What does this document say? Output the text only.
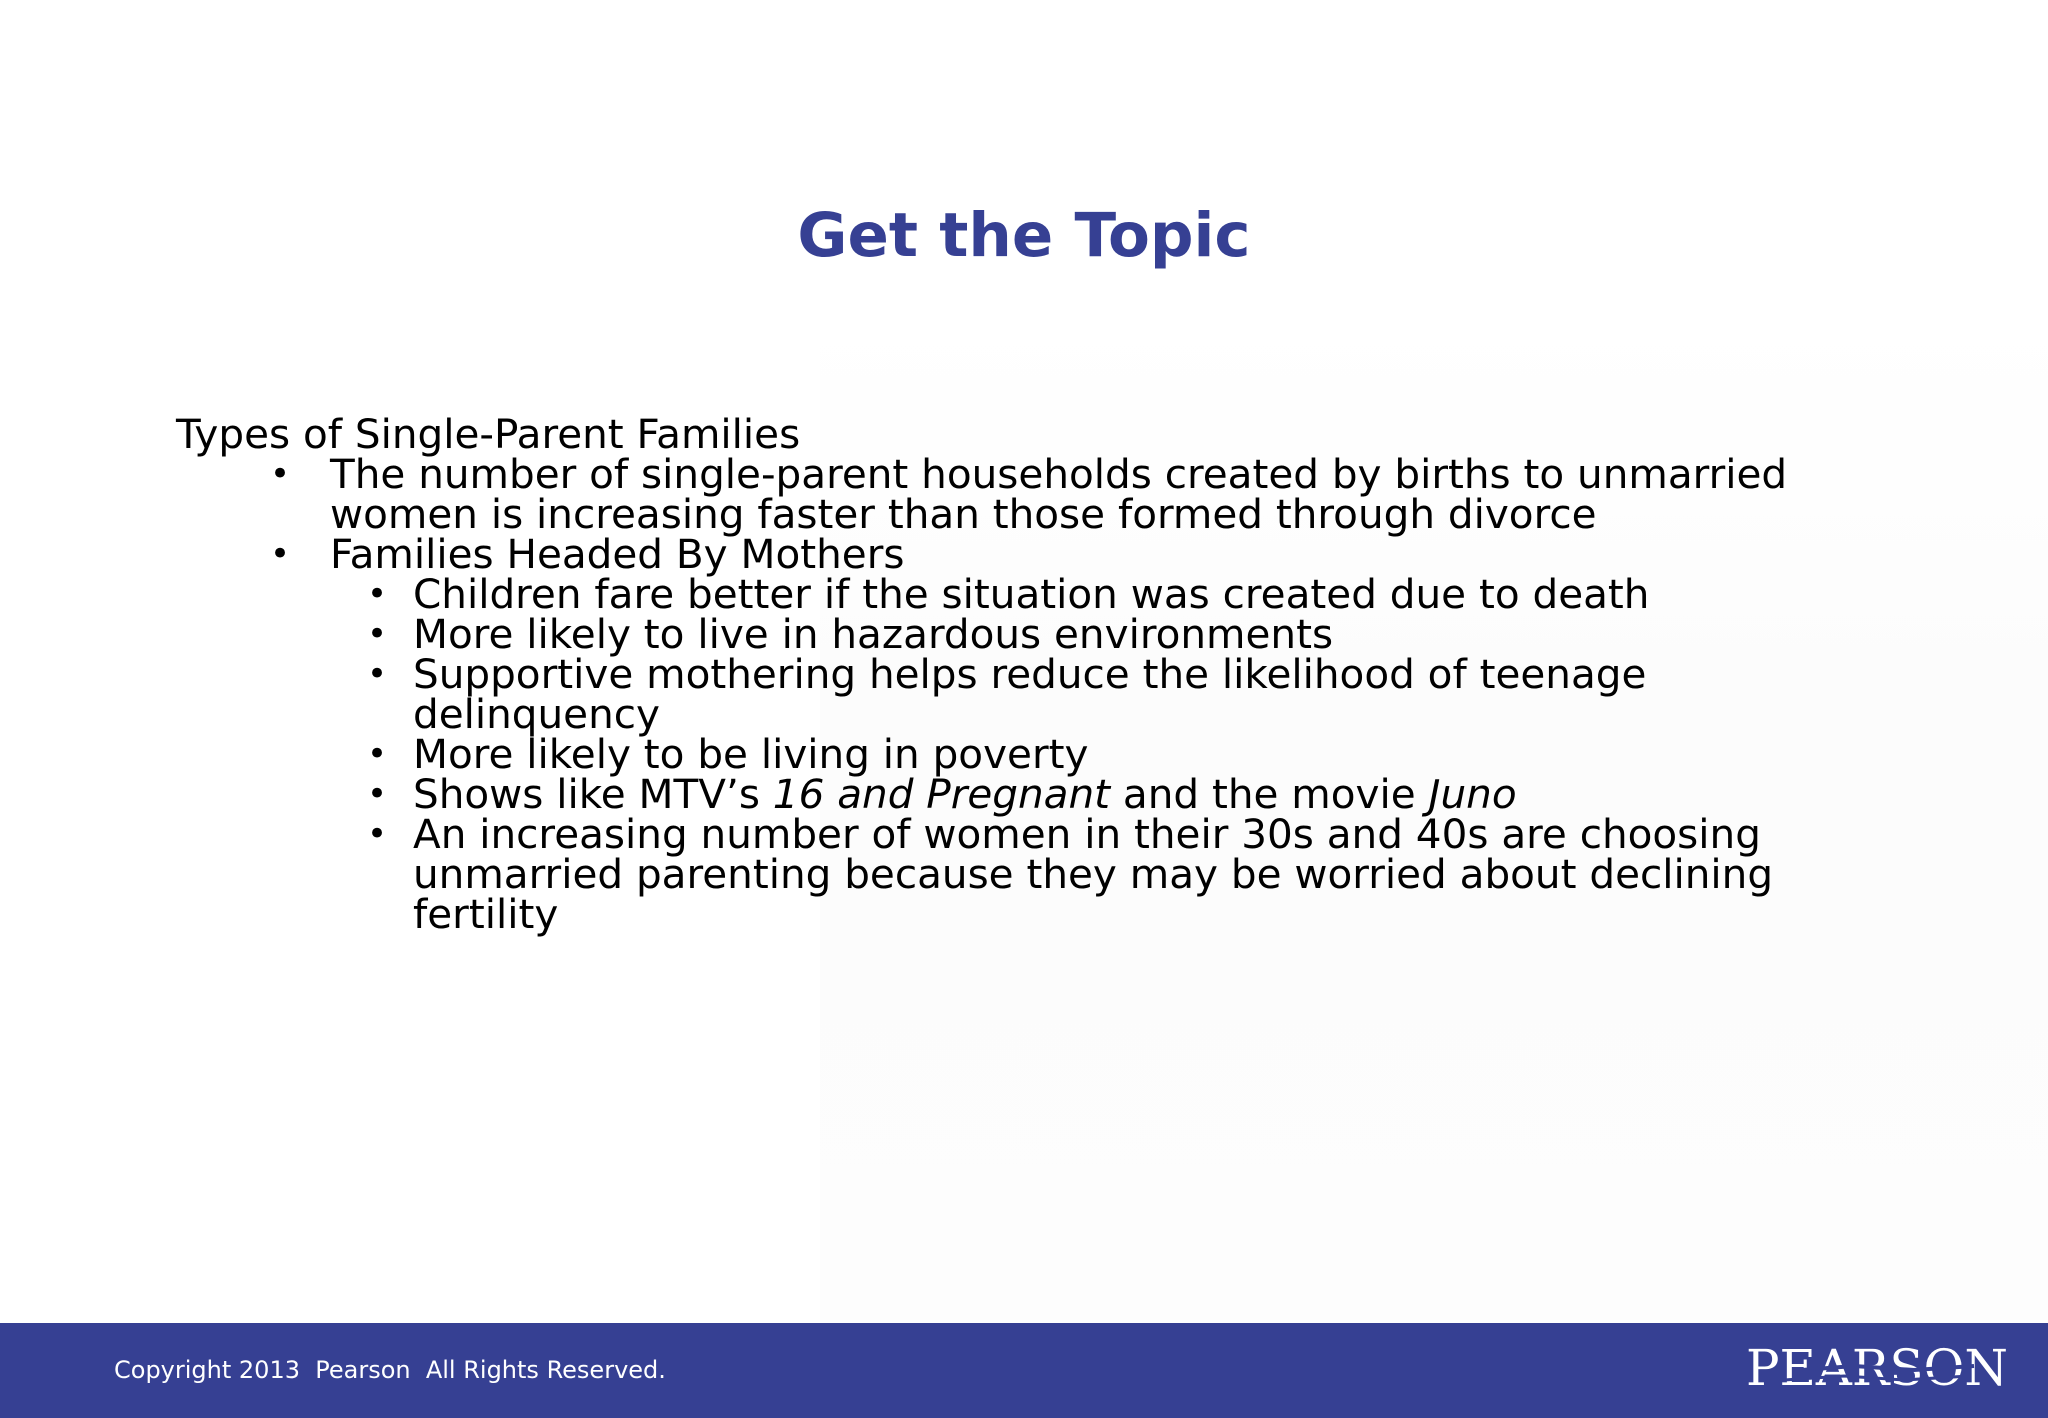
Get the Topic

Types of Single-Parent Families

• The number of single-parent households created by births to unmarried women is increasing faster than those formed through divorce
• Families Headed By Mothers
• Children fare better if the situation was created due to death
• More likely to live in hazardous environments
• Supportive mothering helps reduce the likelihood of teenage delinquency
• More likely to be living in poverty
• Shows like MTV’s 16 and Pregnant and the movie Juno
• An increasing number of women in their 30s and 40s are choosing unmarried parenting because they may be worried about declining fertility
Copyright 2013  Pearson  All Rights Reserved.	PEARSON
